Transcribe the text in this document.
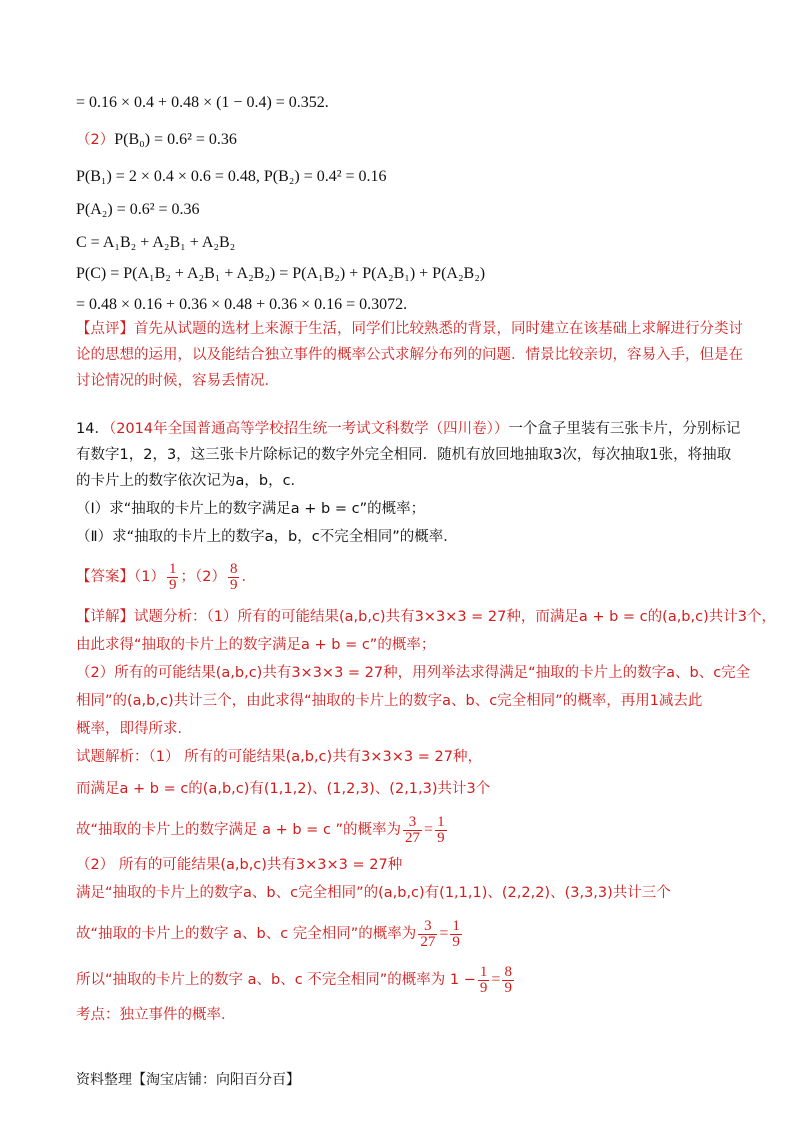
= 0.16 × 0.4 + 0.48 × (1 − 0.4) = 0.352.
（2）P(B₀) = 0.6² = 0.36
P(B₁) = 2 × 0.4 × 0.6 = 0.48, P(B₂) = 0.4² = 0.16
P(A₂) = 0.6² = 0.36
C = A₁B₂ + A₂B₁ + A₂B₂
P(C) = P(A₁B₂ + A₂B₁ + A₂B₂) = P(A₁B₂) + P(A₂B₁) + P(A₂B₂)
= 0.48 × 0.16 + 0.36 × 0.48 + 0.36 × 0.16 = 0.3072.
【点评】首先从试题的选材上来源于生活，同学们比较熟悉的背景，同时建立在该基础上求解进行分类讨
论的思想的运用，以及能结合独立事件的概率公式求解分布列的问题．情景比较亲切，容易入手，但是在
讨论情况的时候，容易丢情况．
14．（2014年全国普通高等学校招生统一考试文科数学（四川卷））一个盒子里装有三张卡片，分别标记
有数字1，2，3，这三张卡片除标记的数字外完全相同．随机有放回地抽取3次，每次抽取1张，将抽取
的卡片上的数字依次记为a，b，c．
（Ⅰ）求“抽取的卡片上的数字满足a + b = c”的概率；
（Ⅱ）求“抽取的卡片上的数字a，b，c不完全相同”的概率．
【答案】$(1) \frac{1}{9}$ ；$(2) \frac{8}{9}$ ．
【详解】试题分析：（1）所有的可能结果(a,b,c)共有3×3×3 = 27种，而满足a + b = c的(a,b,c)共计3个，
由此求得“抽取的卡片上的数字满足a + b = c”的概率；
（2）所有的可能结果(a,b,c)共有3×3×3 = 27种，用列举法求得满足“抽取的卡片上的数字a、b、c完全
相同”的(a,b,c)共计三个，由此求得“抽取的卡片上的数字a、b、c完全相同”的概率，再用1减去此
概率，即得所求．
试题解析：（1） 所有的可能结果(a,b,c)共有3×3×3 = 27种，
而满足a + b = c的(a,b,c)有(1,1,2)、(1,2,3)、(2,1,3)共计3个
故“抽取的卡片上的数字满足 a + b = c ”的概率为 $\frac{3}{27} = \frac{1}{9}$
（2） 所有的可能结果(a,b,c)共有3×3×3 = 27种
满足“抽取的卡片上的数字a、b、c完全相同”的(a,b,c)有(1,1,1)、(2,2,2)、(3,3,3)共计三个
故“抽取的卡片上的数字 a、b、c 完全相同”的概率为 $\frac{3}{27} = \frac{1}{9}$
所以“抽取的卡片上的数字 a、b、c 不完全相同”的概率为 $1 - \frac{1}{9} = \frac{8}{9}$
考点：独立事件的概率．
资料整理【淘宝店铺：向阳百分百】
